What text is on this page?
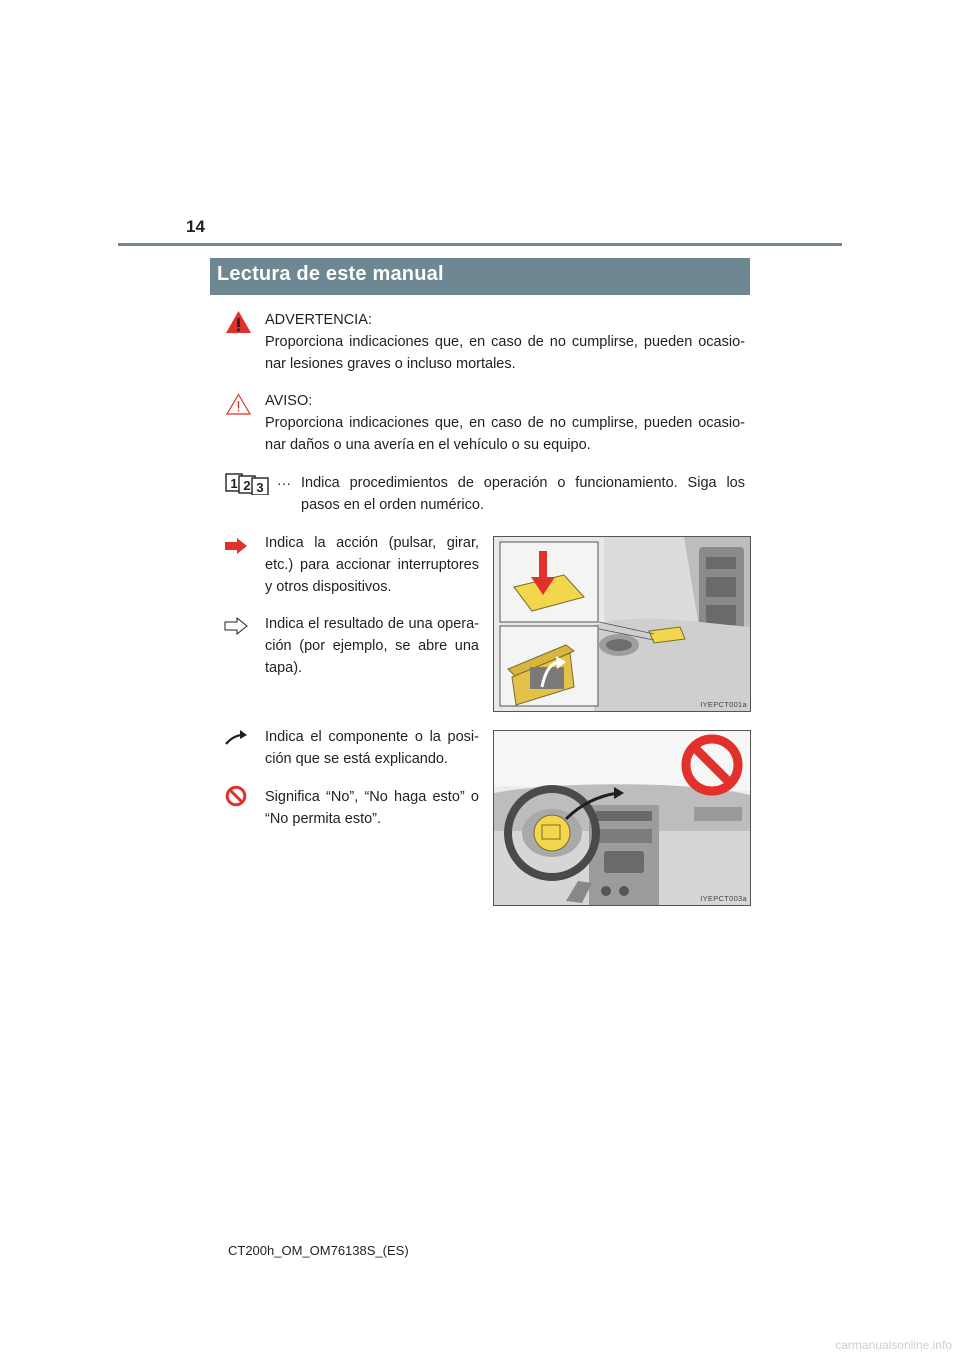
14
Lectura de este manual
ADVERTENCIA:
Proporciona indicaciones que, en caso de no cumplirse, pueden ocasio-nar lesiones graves o incluso mortales.
AVISO:
Proporciona indicaciones que, en caso de no cumplirse, pueden ocasio-nar daños o una avería en el vehículo o su equipo.
1 2 3 ··· Indica procedimientos de operación o funcionamiento. Siga los pasos en el orden numérico.
Indica la acción (pulsar, girar, etc.) para accionar interruptores y otros dispositivos.
Indica el resultado de una opera-ción (por ejemplo, se abre una tapa).
Indica el componente o la posi-ción que se está explicando.
Significa “No”, “No haga esto” o “No permita esto”.
IYEPCT001a
IYEPCT003a
CT200h_OM_OM76138S_(ES)
carmanualsonline.info
